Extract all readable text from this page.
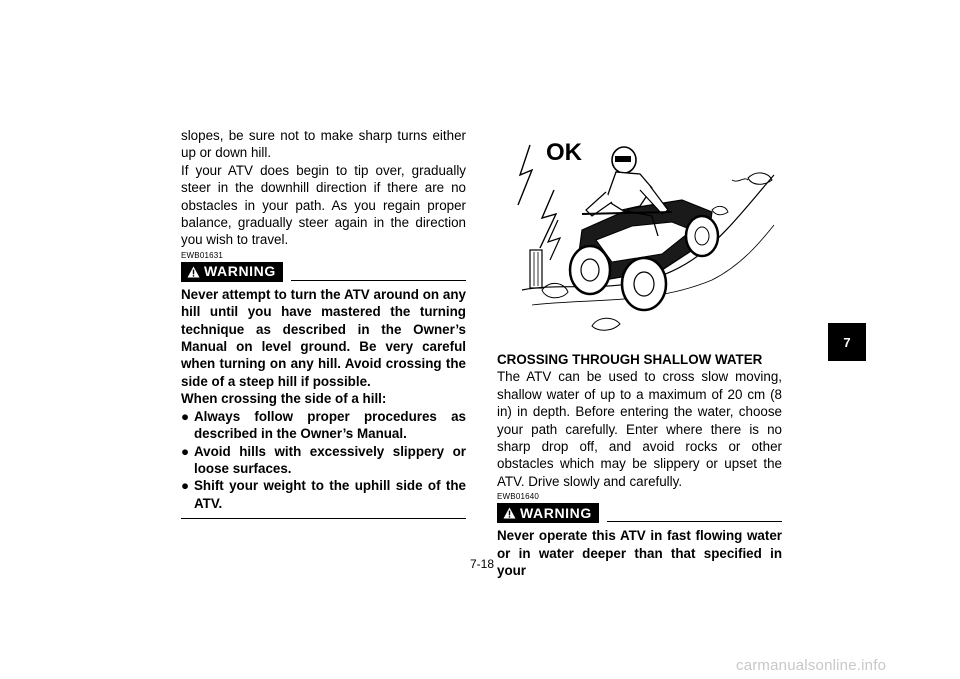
slopes, be sure not to make sharp turns either up or down hill.

If your ATV does begin to tip over, gradually steer in the downhill direction if there are no obstacles in your path. As you regain proper balance, gradually steer again in the direction you wish to travel.

EWB01631
WARNING

Never attempt to turn the ATV around on any hill until you have mastered the turning technique as described in the Owner’s Manual on level ground. Be very careful when turning on any hill. Avoid crossing the side of a steep hill if possible.

When crossing the side of a hill:

● Always follow proper procedures as described in the Owner’s Manual.
● Avoid hills with excessively slippery or loose surfaces.
● Shift your weight to the uphill side of the ATV.
OK

CROSSING THROUGH SHALLOW WATER

The ATV can be used to cross slow moving, shallow water of up to a maximum of 20 cm (8 in) in depth. Before entering the water, choose your path carefully. Enter where there is no sharp drop off, and avoid rocks or other obstacles which may be slippery or upset the ATV. Drive slowly and carefully.

EWB01640
WARNING

Never operate this ATV in fast flowing water or in water deeper than that specified in your

7
7-18
carmanualsonline.info
